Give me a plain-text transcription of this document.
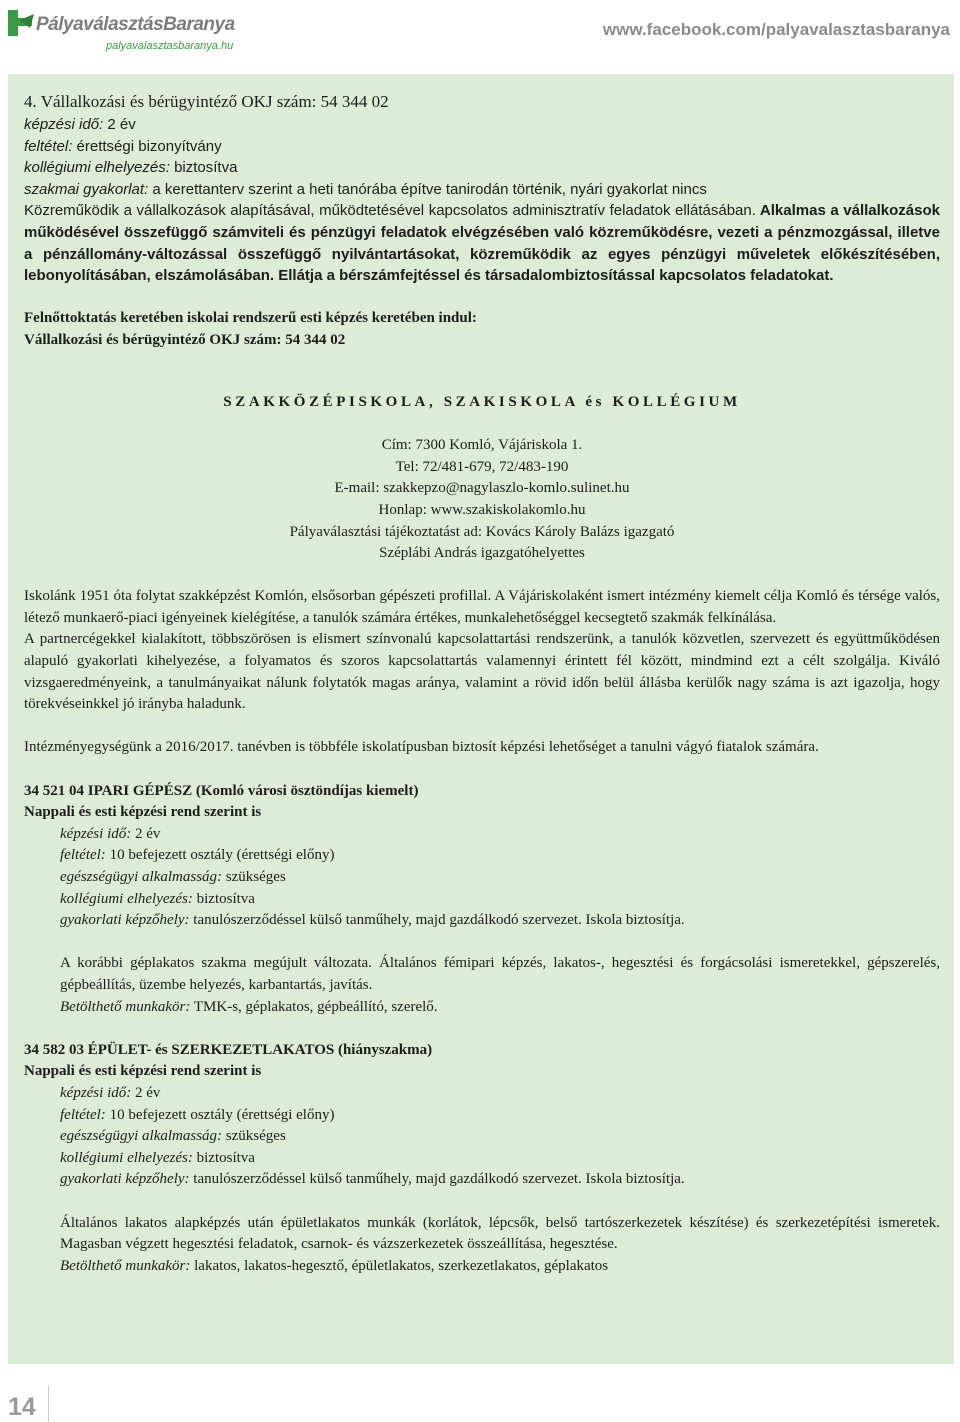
PályaválasztásBaranya
palyavalasztasbaranya.hu
www.facebook.com/palyavalasztasbaranya
4. Vállalkozási és bérügyintéző OKJ szám: 54 344 02
képzési idő: 2 év
feltétel: érettségi bizonyítvány
kollégiumi elhelyezés: biztosítva
szakmai gyakorlat: a kerettanterv szerint a heti tanórába építve tanirodán történik, nyári gyakorlat nincs
Közreműködik a vállalkozások alapításával, működtetésével kapcsolatos adminisztratív feladatok ellátásában. Alkalmas a vállalkozások működésével összefüggő számviteli és pénzügyi feladatok elvégzésében való közreműködésre, vezeti a pénzmozgással, illetve a pénzállomány-változással összefüggő nyilvántartásokat, közreműködik az egyes pénzügyi műveletek előkészítésében, lebonyolításában, elszámolásában. Ellátja a bérszámfejtéssel és társadalombiztosítással kapcsolatos feladatokat.
Felnőttoktatás keretében iskolai rendszerű esti képzés keretében indul:
Vállalkozási és bérügyintéző OKJ szám: 54 344 02
SZAKKÖZÉPISKOLA, SZAKISKOLA és KOLLÉGIUM
Cím: 7300 Komló, Vájáriskola 1.
Tel: 72/481-679, 72/483-190
E-mail: szakkepzo@nagylaszlo-komlo.sulinet.hu
Honlap: www.szakiskolakomlo.hu
Pályaválasztási tájékoztatást ad: Kovács Károly Balázs igazgató
Széplábi András igazgatóhelyettes
Iskolánk 1951 óta folytat szakképzést Komlón, elsősorban gépészeti profillal. A Vájáriskolaként ismert intézmény kiemelt célja Komló és térsége valós, létező munkaerő-piaci igényeinek kielégítése, a tanulók számára értékes, munkalehetőséggel kecsegtető szakmák felkínálása.
A partnercégekkel kialakított, többszörösen is elismert színvonalú kapcsolattartási rendszerünk, a tanulók közvetlen, szervezett és együttműködésen alapuló gyakorlati kihelyezése, a folyamatos és szoros kapcsolattartás valamennyi érintett fél között, mindmind ezt a célt szolgálja. Kiváló vizsgaeredményeink, a tanulmányaikat nálunk folytatók magas aránya, valamint a rövid időn belül állásba kerülők nagy száma is azt igazolja, hogy törekvéseinkkel jó irányba haladunk.
Intézményegységünk a 2016/2017. tanévben is többféle iskolatípusban biztosít képzési lehetőséget a tanulni vágyó fiatalok számára.
34 521 04 IPARI GÉPÉSZ (Komló városi ösztöndíjas kiemelt)
Nappali és esti képzési rend szerint is
képzési idő: 2 év
feltétel: 10 befejezett osztály (érettségi előny)
egészségügyi alkalmasság: szükséges
kollégiumi elhelyezés: biztosítva
gyakorlati képzőhely: tanulószerződéssel külső tanműhely, majd gazdálkodó szervezet. Iskola biztosítja.
A korábbi géplakatos szakma megújult változata. Általános fémipari képzés, lakatos-, hegesztési és forgácsolási ismeretekkel, gépszerelés, gépbeállítás, üzembe helyezés, karbantartás, javítás.
Betölthető munkakör: TMK-s, géplakatos, gépbeállító, szerelő.
34 582 03 ÉPÜLET- és SZERKEZETLAKATOS (hiányszakma)
Nappali és esti képzési rend szerint is
képzési idő: 2 év
feltétel: 10 befejezett osztály (érettségi előny)
egészségügyi alkalmasság: szükséges
kollégiumi elhelyezés: biztosítva
gyakorlati képzőhely: tanulószerződéssel külső tanműhely, majd gazdálkodó szervezet. Iskola biztosítja.
Általános lakatos alapképzés után épületlakatos munkák (korlátok, lépcsők, belső tartószerkezetek készítése) és szerkezetépítési ismeretek. Magasban végzett hegesztési feladatok, csarnok- és vázszerkezetek összeállítása, hegesztése.
Betölthető munkakör: lakatos, lakatos-hegesztő, épületlakatos, szerkezetlakatos, géplakatos
14
